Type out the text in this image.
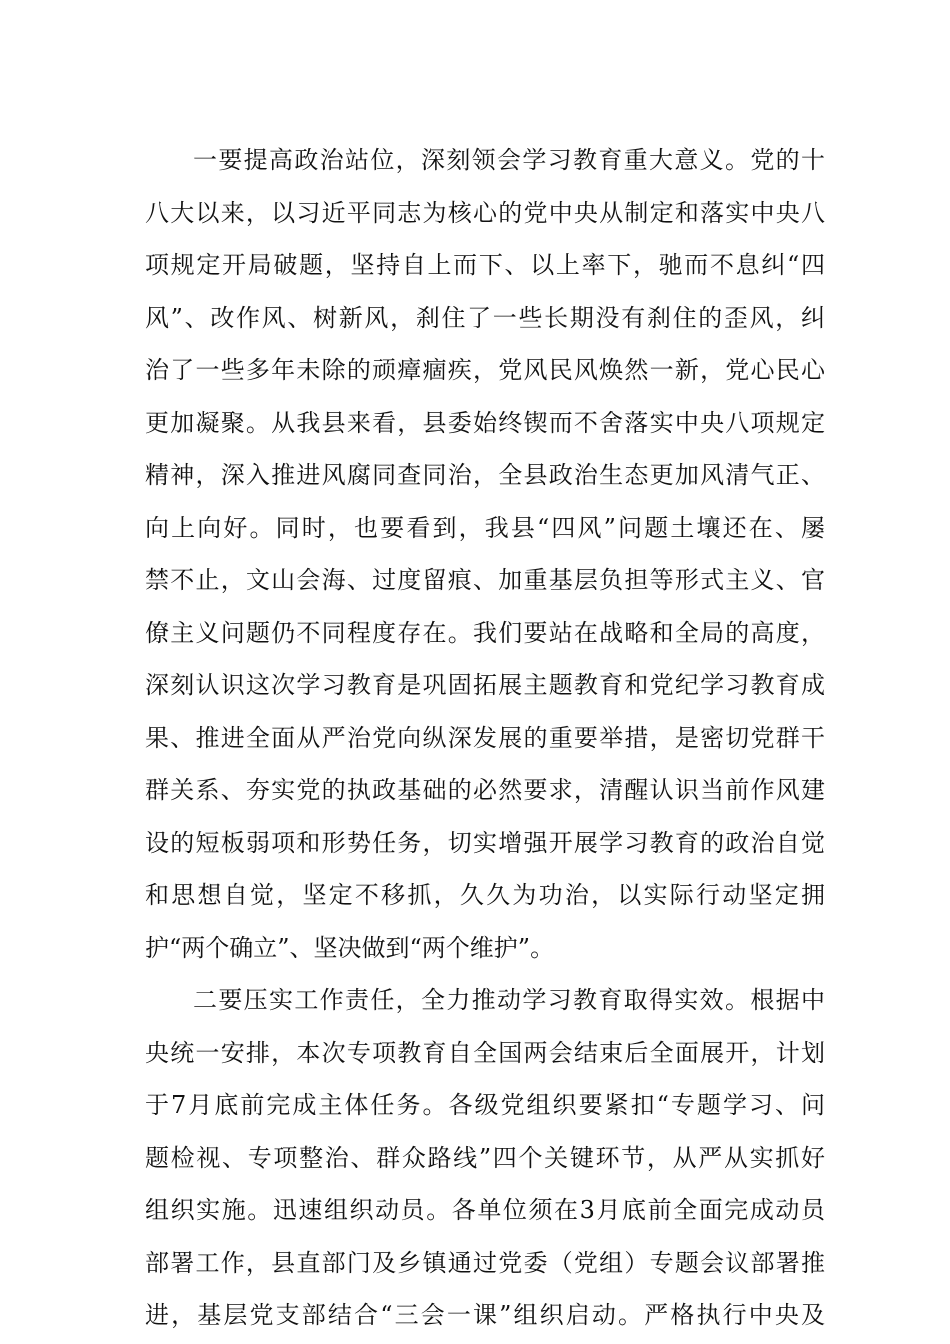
一要提高政治站位，深刻领会学习教育重大意义。党的十
八大以来，以习近平同志为核心的党中央从制定和落实中央八
项规定开局破题，坚持自上而下、以上率下，驰而不息纠“四
风”、改作风、树新风，刹住了一些长期没有刹住的歪风，纠
治了一些多年未除的顽瘴痼疾，党风民风焕然一新，党心民心
更加凝聚。从我县来看，县委始终锲而不舍落实中央八项规定
精神，深入推进风腐同查同治，全县政治生态更加风清气正、
向上向好。同时，也要看到，我县“四风”问题土壤还在、屡
禁不止，文山会海、过度留痕、加重基层负担等形式主义、官
僚主义问题仍不同程度存在。我们要站在战略和全局的高度，
深刻认识这次学习教育是巩固拓展主题教育和党纪学习教育成
果、推进全面从严治党向纵深发展的重要举措，是密切党群干
群关系、夯实党的执政基础的必然要求，清醒认识当前作风建
设的短板弱项和形势任务，切实增强开展学习教育的政治自觉
和思想自觉，坚定不移抓，久久为功治，以实际行动坚定拥
护“两个确立”、坚决做到“两个维护”。
二要压实工作责任，全力推动学习教育取得实效。根据中
央统一安排，本次专项教育自全国两会结束后全面展开，计划
于7月底前完成主体任务。各级党组织要紧扣“专题学习、问
题检视、专项整治、群众路线”四个关键环节，从严从实抓好
组织实施。迅速组织动员。各单位须在3月底前全面完成动员
部署工作，县直部门及乡镇通过党委（党组）专题会议部署推
进，基层党支部结合“三会一课”组织启动。严格执行中央及
